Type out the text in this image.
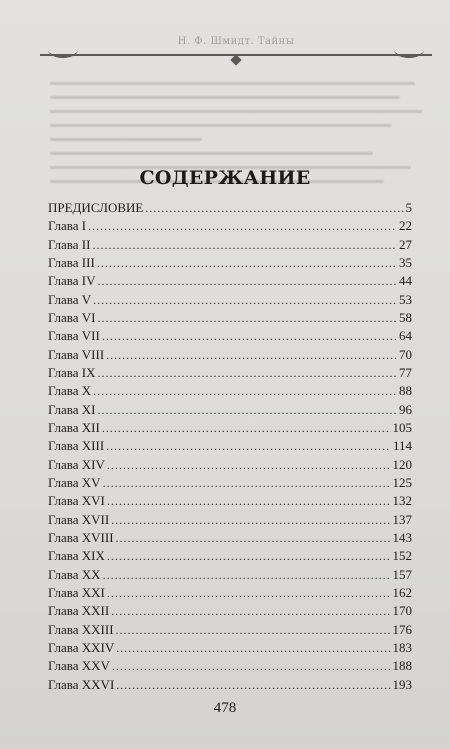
Н. Ф. Шмидт. Тайны
СОДЕРЖАНИЕ
ПРЕДИСЛОВИЕ .....	5
Глава I .....	22
Глава II .....	27
Глава III .....	35
Глава IV .....	44
Глава V .....	53
Глава VI .....	58
Глава VII .....	64
Глава VIII .....	70
Глава IX .....	77
Глава X .....	88
Глава XI .....	96
Глава XII .....	105
Глава XIII .....	114
Глава XIV .....	120
Глава XV .....	125
Глава XVI .....	132
Глава XVII .....	137
Глава XVIII .....	143
Глава XIX .....	152
Глава XX .....	157
Глава XXI .....	162
Глава XXII .....	170
Глава XXIII .....	176
Глава XXIV .....	183
Глава XXV .....	188
Глава XXVI .....	193
478
